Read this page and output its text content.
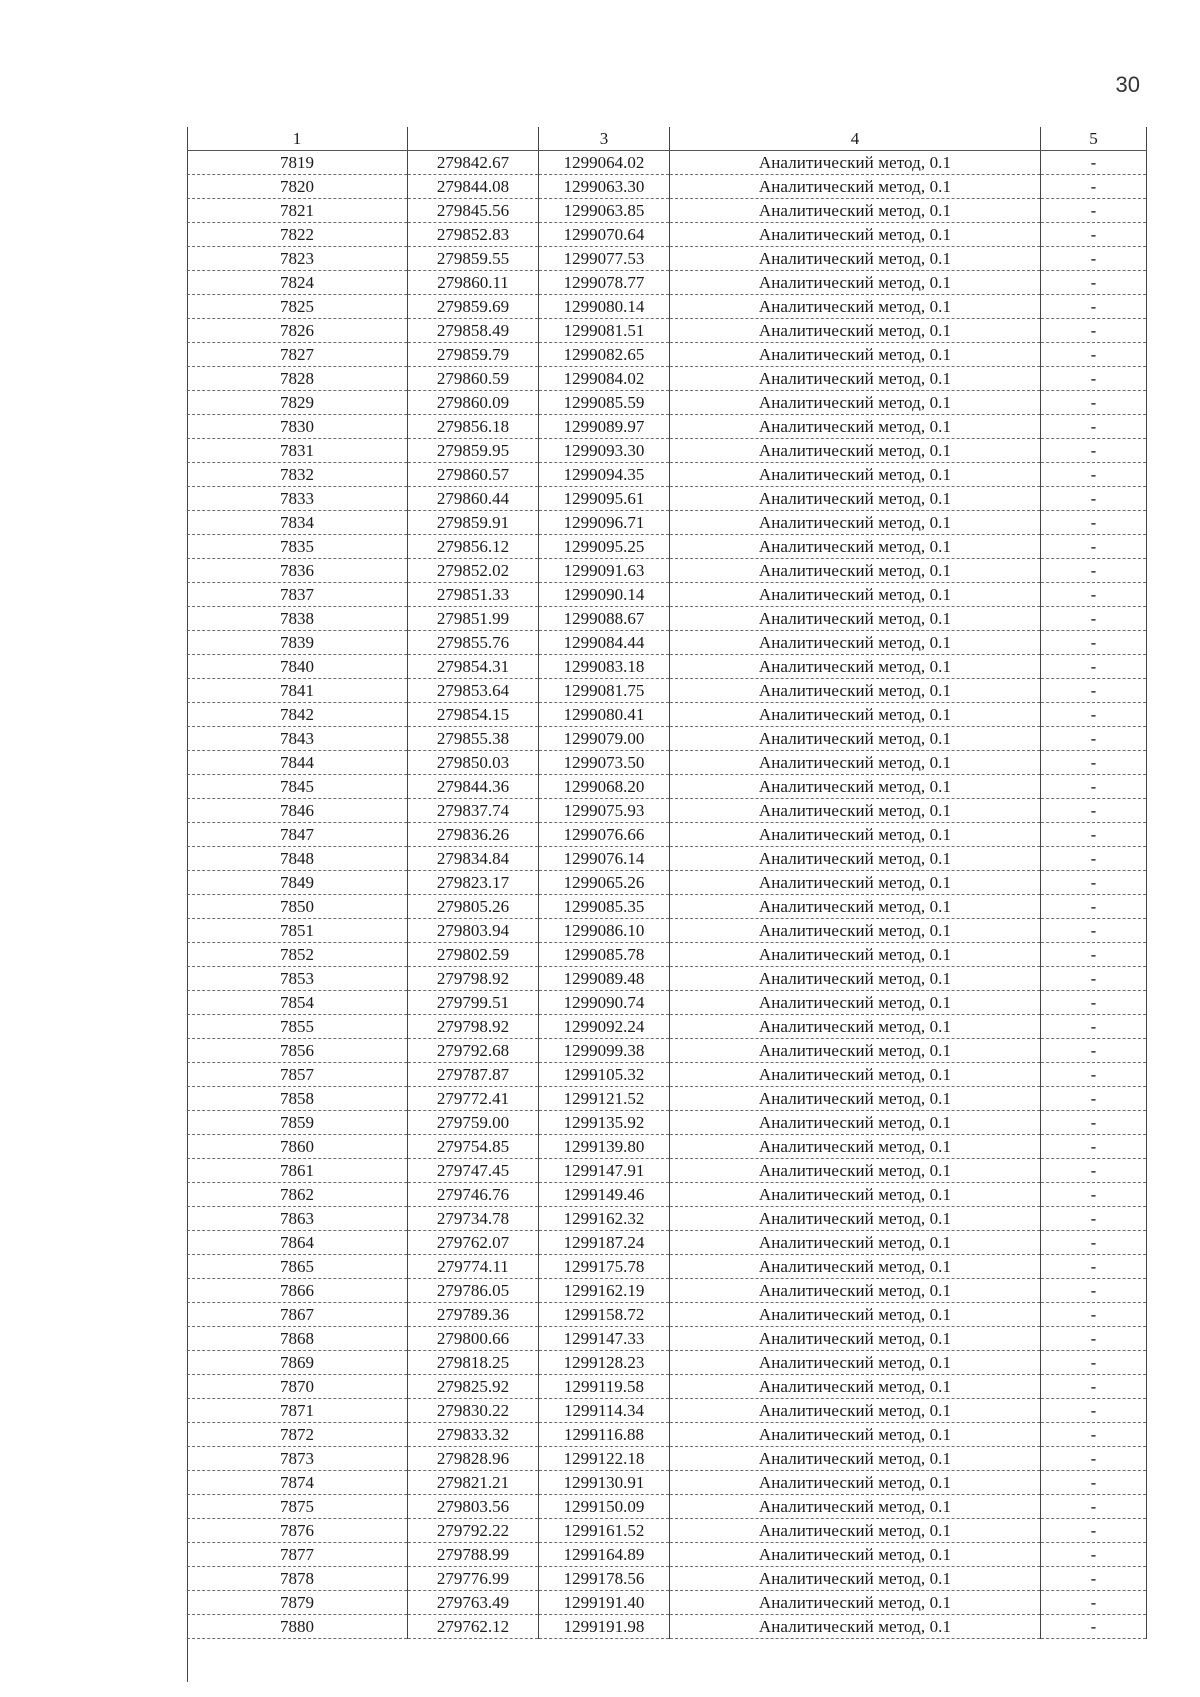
30
1		3	4	5
7819	279842.67	1299064.02	Аналитический метод, 0.1	-
7820	279844.08	1299063.30	Аналитический метод, 0.1	-
7821	279845.56	1299063.85	Аналитический метод, 0.1	-
7822	279852.83	1299070.64	Аналитический метод, 0.1	-
7823	279859.55	1299077.53	Аналитический метод, 0.1	-
7824	279860.11	1299078.77	Аналитический метод, 0.1	-
7825	279859.69	1299080.14	Аналитический метод, 0.1	-
7826	279858.49	1299081.51	Аналитический метод, 0.1	-
7827	279859.79	1299082.65	Аналитический метод, 0.1	-
7828	279860.59	1299084.02	Аналитический метод, 0.1	-
7829	279860.09	1299085.59	Аналитический метод, 0.1	-
7830	279856.18	1299089.97	Аналитический метод, 0.1	-
7831	279859.95	1299093.30	Аналитический метод, 0.1	-
7832	279860.57	1299094.35	Аналитический метод, 0.1	-
7833	279860.44	1299095.61	Аналитический метод, 0.1	-
7834	279859.91	1299096.71	Аналитический метод, 0.1	-
7835	279856.12	1299095.25	Аналитический метод, 0.1	-
7836	279852.02	1299091.63	Аналитический метод, 0.1	-
7837	279851.33	1299090.14	Аналитический метод, 0.1	-
7838	279851.99	1299088.67	Аналитический метод, 0.1	-
7839	279855.76	1299084.44	Аналитический метод, 0.1	-
7840	279854.31	1299083.18	Аналитический метод, 0.1	-
7841	279853.64	1299081.75	Аналитический метод, 0.1	-
7842	279854.15	1299080.41	Аналитический метод, 0.1	-
7843	279855.38	1299079.00	Аналитический метод, 0.1	-
7844	279850.03	1299073.50	Аналитический метод, 0.1	-
7845	279844.36	1299068.20	Аналитический метод, 0.1	-
7846	279837.74	1299075.93	Аналитический метод, 0.1	-
7847	279836.26	1299076.66	Аналитический метод, 0.1	-
7848	279834.84	1299076.14	Аналитический метод, 0.1	-
7849	279823.17	1299065.26	Аналитический метод, 0.1	-
7850	279805.26	1299085.35	Аналитический метод, 0.1	-
7851	279803.94	1299086.10	Аналитический метод, 0.1	-
7852	279802.59	1299085.78	Аналитический метод, 0.1	-
7853	279798.92	1299089.48	Аналитический метод, 0.1	-
7854	279799.51	1299090.74	Аналитический метод, 0.1	-
7855	279798.92	1299092.24	Аналитический метод, 0.1	-
7856	279792.68	1299099.38	Аналитический метод, 0.1	-
7857	279787.87	1299105.32	Аналитический метод, 0.1	-
7858	279772.41	1299121.52	Аналитический метод, 0.1	-
7859	279759.00	1299135.92	Аналитический метод, 0.1	-
7860	279754.85	1299139.80	Аналитический метод, 0.1	-
7861	279747.45	1299147.91	Аналитический метод, 0.1	-
7862	279746.76	1299149.46	Аналитический метод, 0.1	-
7863	279734.78	1299162.32	Аналитический метод, 0.1	-
7864	279762.07	1299187.24	Аналитический метод, 0.1	-
7865	279774.11	1299175.78	Аналитический метод, 0.1	-
7866	279786.05	1299162.19	Аналитический метод, 0.1	-
7867	279789.36	1299158.72	Аналитический метод, 0.1	-
7868	279800.66	1299147.33	Аналитический метод, 0.1	-
7869	279818.25	1299128.23	Аналитический метод, 0.1	-
7870	279825.92	1299119.58	Аналитический метод, 0.1	-
7871	279830.22	1299114.34	Аналитический метод, 0.1	-
7872	279833.32	1299116.88	Аналитический метод, 0.1	-
7873	279828.96	1299122.18	Аналитический метод, 0.1	-
7874	279821.21	1299130.91	Аналитический метод, 0.1	-
7875	279803.56	1299150.09	Аналитический метод, 0.1	-
7876	279792.22	1299161.52	Аналитический метод, 0.1	-
7877	279788.99	1299164.89	Аналитический метод, 0.1	-
7878	279776.99	1299178.56	Аналитический метод, 0.1	-
7879	279763.49	1299191.40	Аналитический метод, 0.1	-
7880	279762.12	1299191.98	Аналитический метод, 0.1	-
